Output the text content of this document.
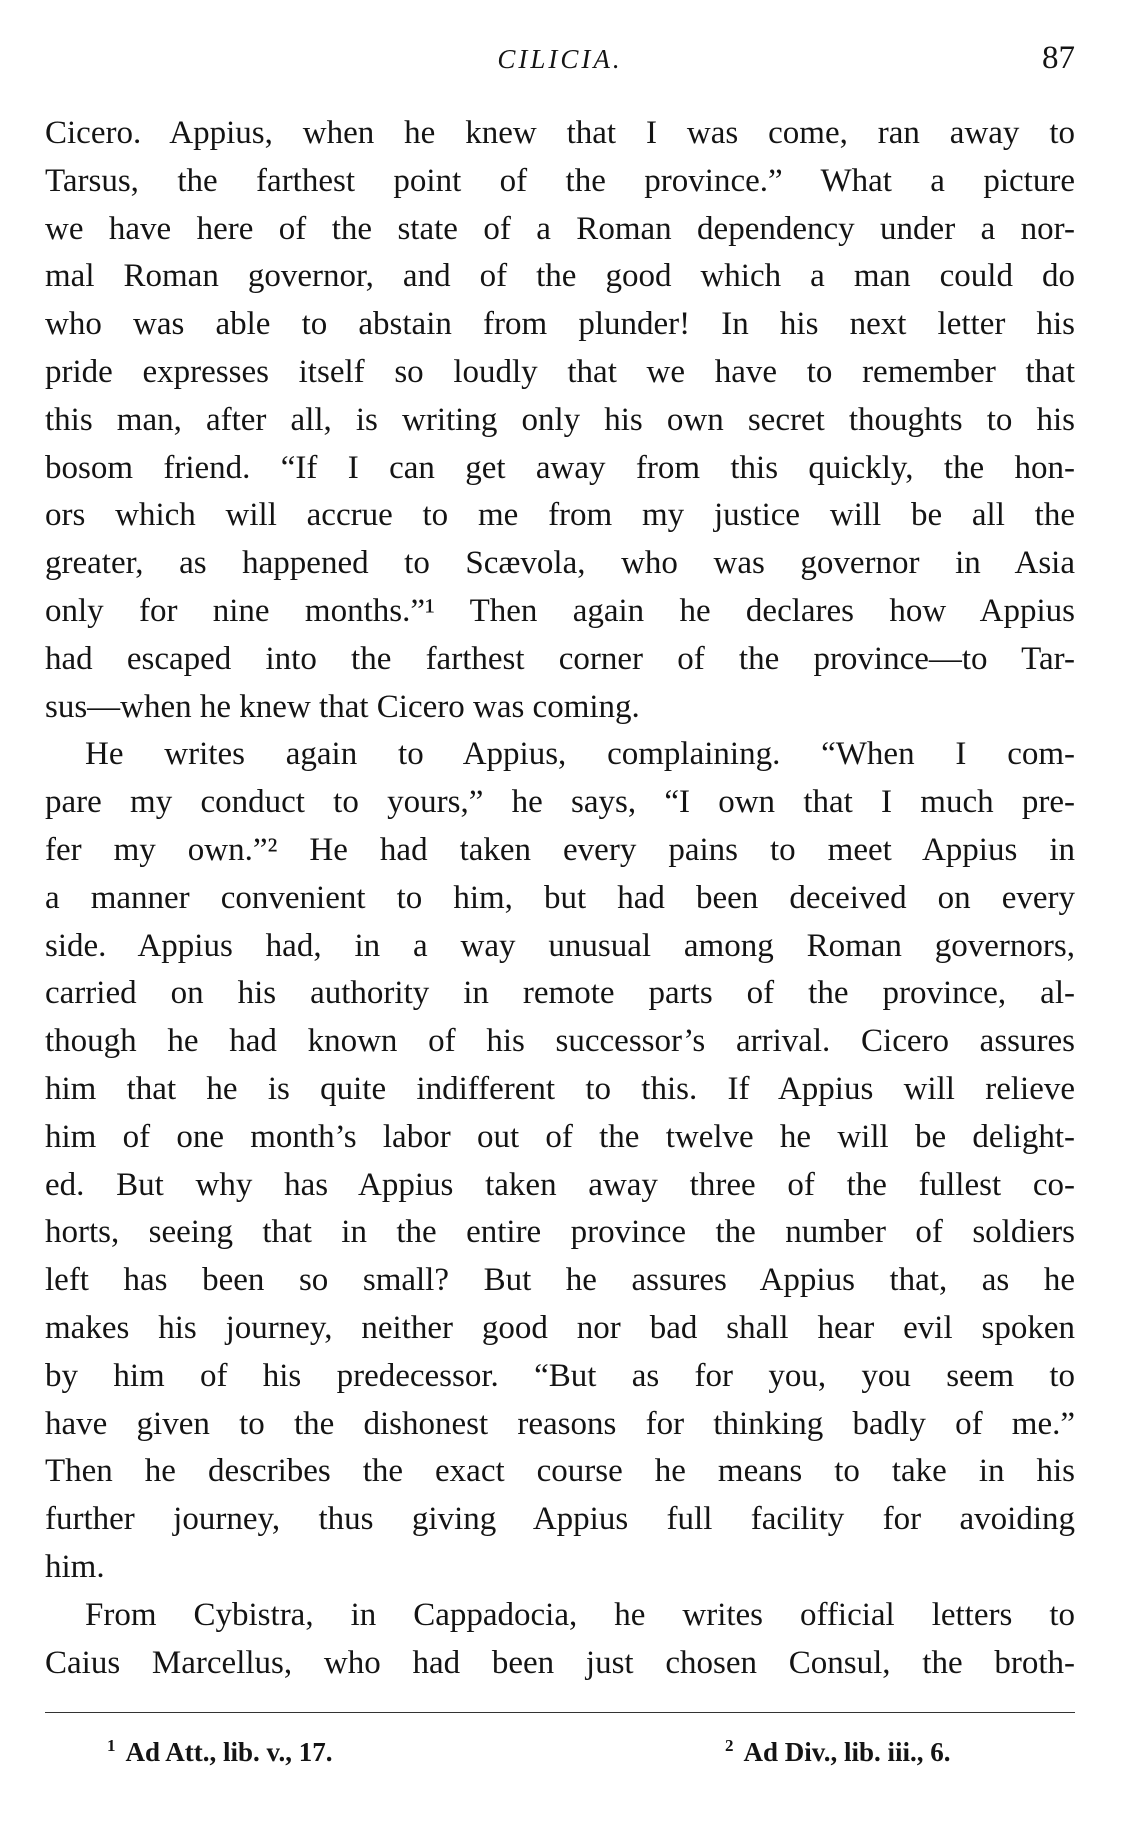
CILICIA.	87
Cicero. Appius, when he knew that I was come, ran away to
Tarsus, the farthest point of the province.” What a picture
we have here of the state of a Roman dependency under a nor-
mal Roman governor, and of the good which a man could do
who was able to abstain from plunder! In his next letter his
pride expresses itself so loudly that we have to remember that
this man, after all, is writing only his own secret thoughts to his
bosom friend. “If I can get away from this quickly, the hon-
ors which will accrue to me from my justice will be all the
greater, as happened to Scævola, who was governor in Asia
only for nine months.”¹ Then again he declares how Appius
had escaped into the farthest corner of the province—to Tar-
sus—when he knew that Cicero was coming.
He writes again to Appius, complaining. “When I com-
pare my conduct to yours,” he says, “I own that I much pre-
fer my own.”² He had taken every pains to meet Appius in
a manner convenient to him, but had been deceived on every
side. Appius had, in a way unusual among Roman governors,
carried on his authority in remote parts of the province, al-
though he had known of his successor’s arrival. Cicero assures
him that he is quite indifferent to this. If Appius will relieve
him of one month’s labor out of the twelve he will be delight-
ed. But why has Appius taken away three of the fullest co-
horts, seeing that in the entire province the number of soldiers
left has been so small? But he assures Appius that, as he
makes his journey, neither good nor bad shall hear evil spoken
by him of his predecessor. “But as for you, you seem to
have given to the dishonest reasons for thinking badly of me.”
Then he describes the exact course he means to take in his
further journey, thus giving Appius full facility for avoiding
him.
From Cybistra, in Cappadocia, he writes official letters to
Caius Marcellus, who had been just chosen Consul, the broth-
$^1$ Ad Att., lib. v., 17.	$^2$ Ad Div., lib. iii., 6.
